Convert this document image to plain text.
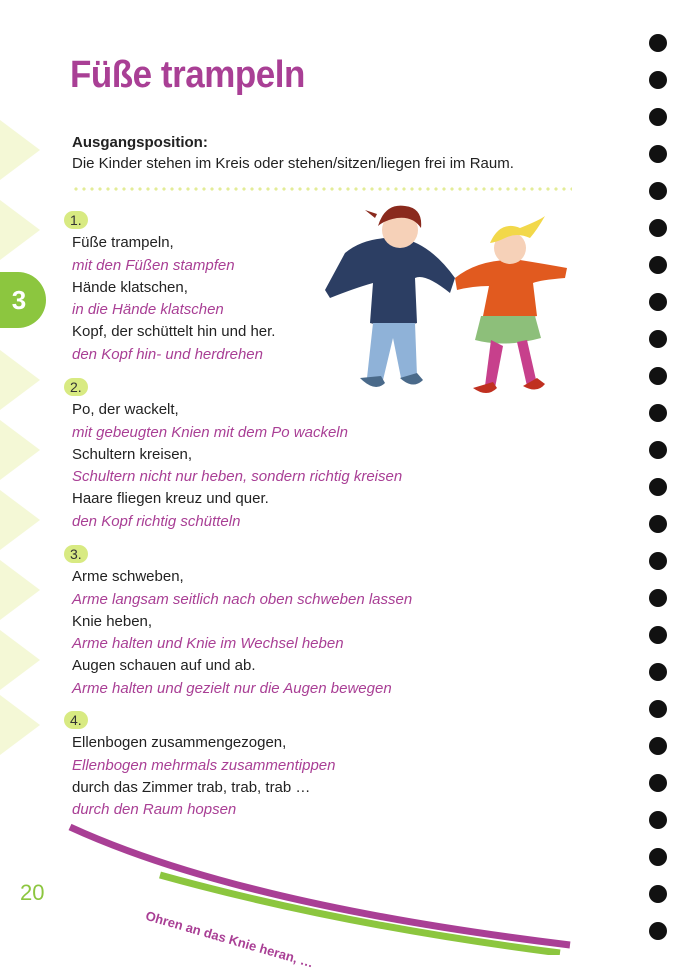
3
Füße trampeln
Ausgangsposition:
Die Kinder stehen im Kreis oder stehen/sitzen/liegen frei im Raum.
1.
Füße trampeln,
mit den Füßen stampfen
Hände klatschen,
in die Hände klatschen
Kopf, der schüttelt hin und her.
den Kopf hin- und herdrehen
2.
Po, der wackelt,
mit gebeugten Knien mit dem Po wackeln
Schultern kreisen,
Schultern nicht nur heben, sondern richtig kreisen
Haare fliegen kreuz und quer.
den Kopf richtig schütteln
3.
Arme schweben,
Arme langsam seitlich nach oben schweben lassen
Knie heben,
Arme halten und Knie im Wechsel heben
Augen schauen auf und ab.
Arme halten und gezielt nur die Augen bewegen
4.
Ellenbogen zusammengezogen,
Ellenbogen mehrmals zusammentippen
durch das Zimmer trab, trab, trab …
durch den Raum hopsen
20
Ohren an das Knie heran, …
